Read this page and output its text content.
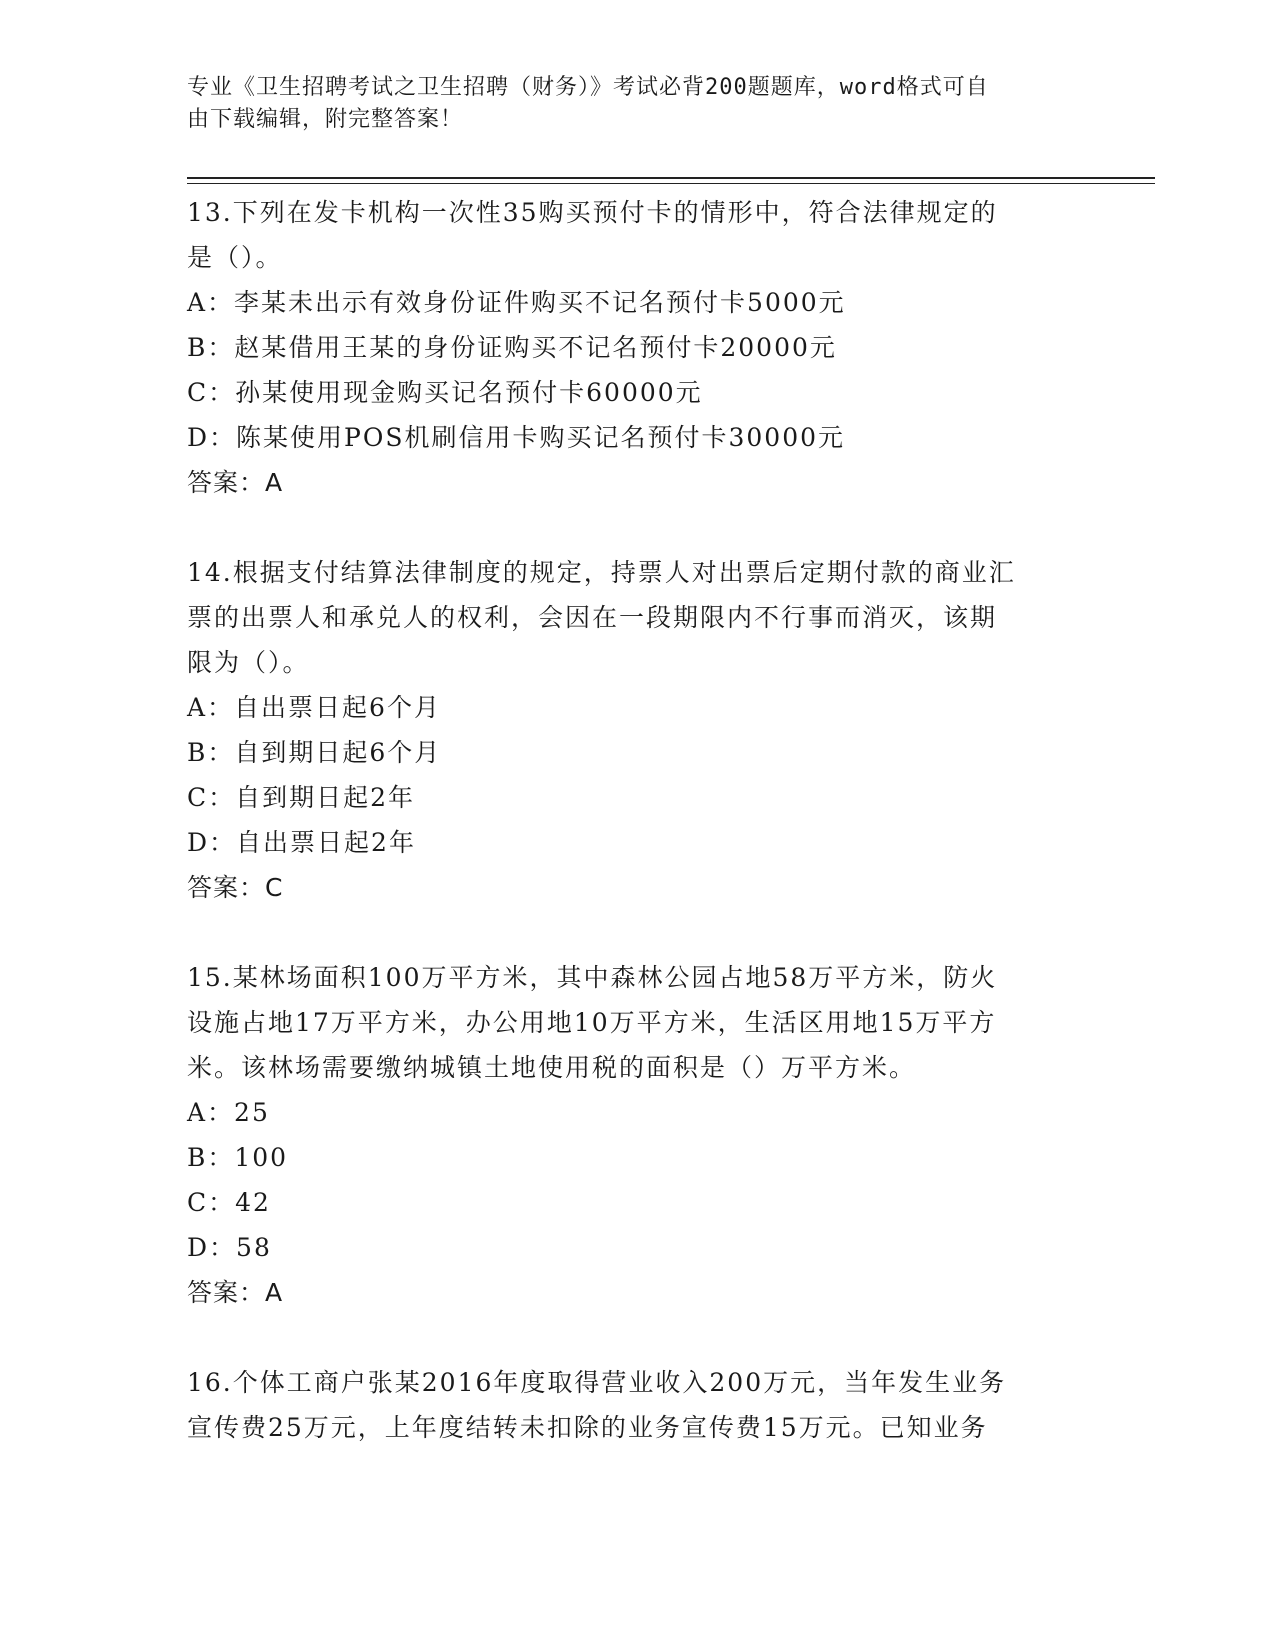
专业《卫生招聘考试之卫生招聘（财务）》考试必背200题题库，word格式可自
由下载编辑，附完整答案！
13.下列在发卡机构一次性35购买预付卡的情形中，符合法律规定的
是（）。
A：李某未出示有效身份证件购买不记名预付卡5000元
B：赵某借用王某的身份证购买不记名预付卡20000元
C：孙某使用现金购买记名预付卡60000元
D：陈某使用POS机刷信用卡购买记名预付卡30000元
答案：A
14.根据支付结算法律制度的规定，持票人对出票后定期付款的商业汇
票的出票人和承兑人的权利，会因在一段期限内不行事而消灭，该期
限为（）。
A：自出票日起6个月
B：自到期日起6个月
C：自到期日起2年
D：自出票日起2年
答案：C
15.某林场面积100万平方米，其中森林公园占地58万平方米，防火
设施占地17万平方米，办公用地10万平方米，生活区用地15万平方
米。该林场需要缴纳城镇土地使用税的面积是（）万平方米。
A：25
B：100
C：42
D：58
答案：A
16.个体工商户张某2016年度取得营业收入200万元，当年发生业务
宣传费25万元，上年度结转未扣除的业务宣传费15万元。已知业务
